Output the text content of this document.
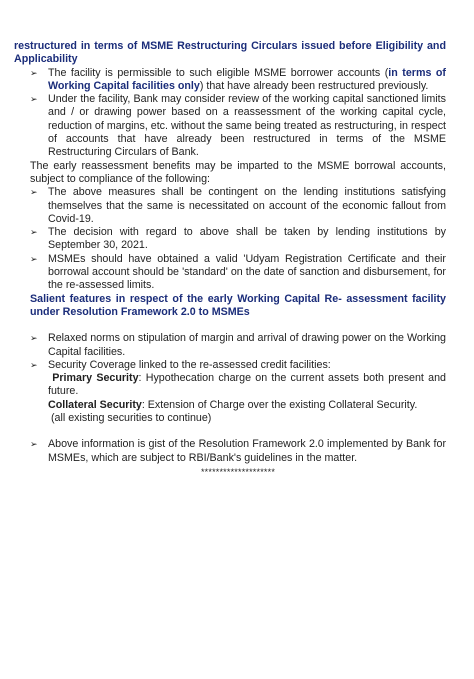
restructured in terms of MSME Restructuring Circulars issued before Eligibility and Applicability
➢ The facility is permissible to such eligible MSME borrower accounts (in terms of Working Capital facilities only) that have already been restructured previously.
➢ Under the facility, Bank may consider review of the working capital sanctioned limits and / or drawing power based on a reassessment of the working capital cycle, reduction of margins, etc. without the same being treated as restructuring, in respect of accounts that have already been restructured in terms of the MSME Restructuring Circulars of Bank.
The early reassessment benefits may be imparted to the MSME borrowal accounts, subject to compliance of the following:
➢ The above measures shall be contingent on the lending institutions satisfying themselves that the same is necessitated on account of the economic fallout from Covid-19.
➢ The decision with regard to above shall be taken by lending institutions by September 30, 2021.
➢ MSMEs should have obtained a valid 'Udyam Registration Certificate and their borrowal account should be 'standard' on the date of sanction and disbursement, for the re-assessed limits.
Salient features in respect of the early Working Capital Re- assessment facility under Resolution Framework 2.0 to MSMEs
➢ Relaxed norms on stipulation of margin and arrival of drawing power on the Working Capital facilities.
➢ Security Coverage linked to the re-assessed credit facilities:
Primary Security: Hypothecation charge on the current assets both present and future.
Collateral Security: Extension of Charge over the existing Collateral Security.
(all existing securities to continue)
➢ Above information is gist of the Resolution Framework 2.0 implemented by Bank for MSMEs, which are subject to RBI/Bank's guidelines in the matter.
********************
